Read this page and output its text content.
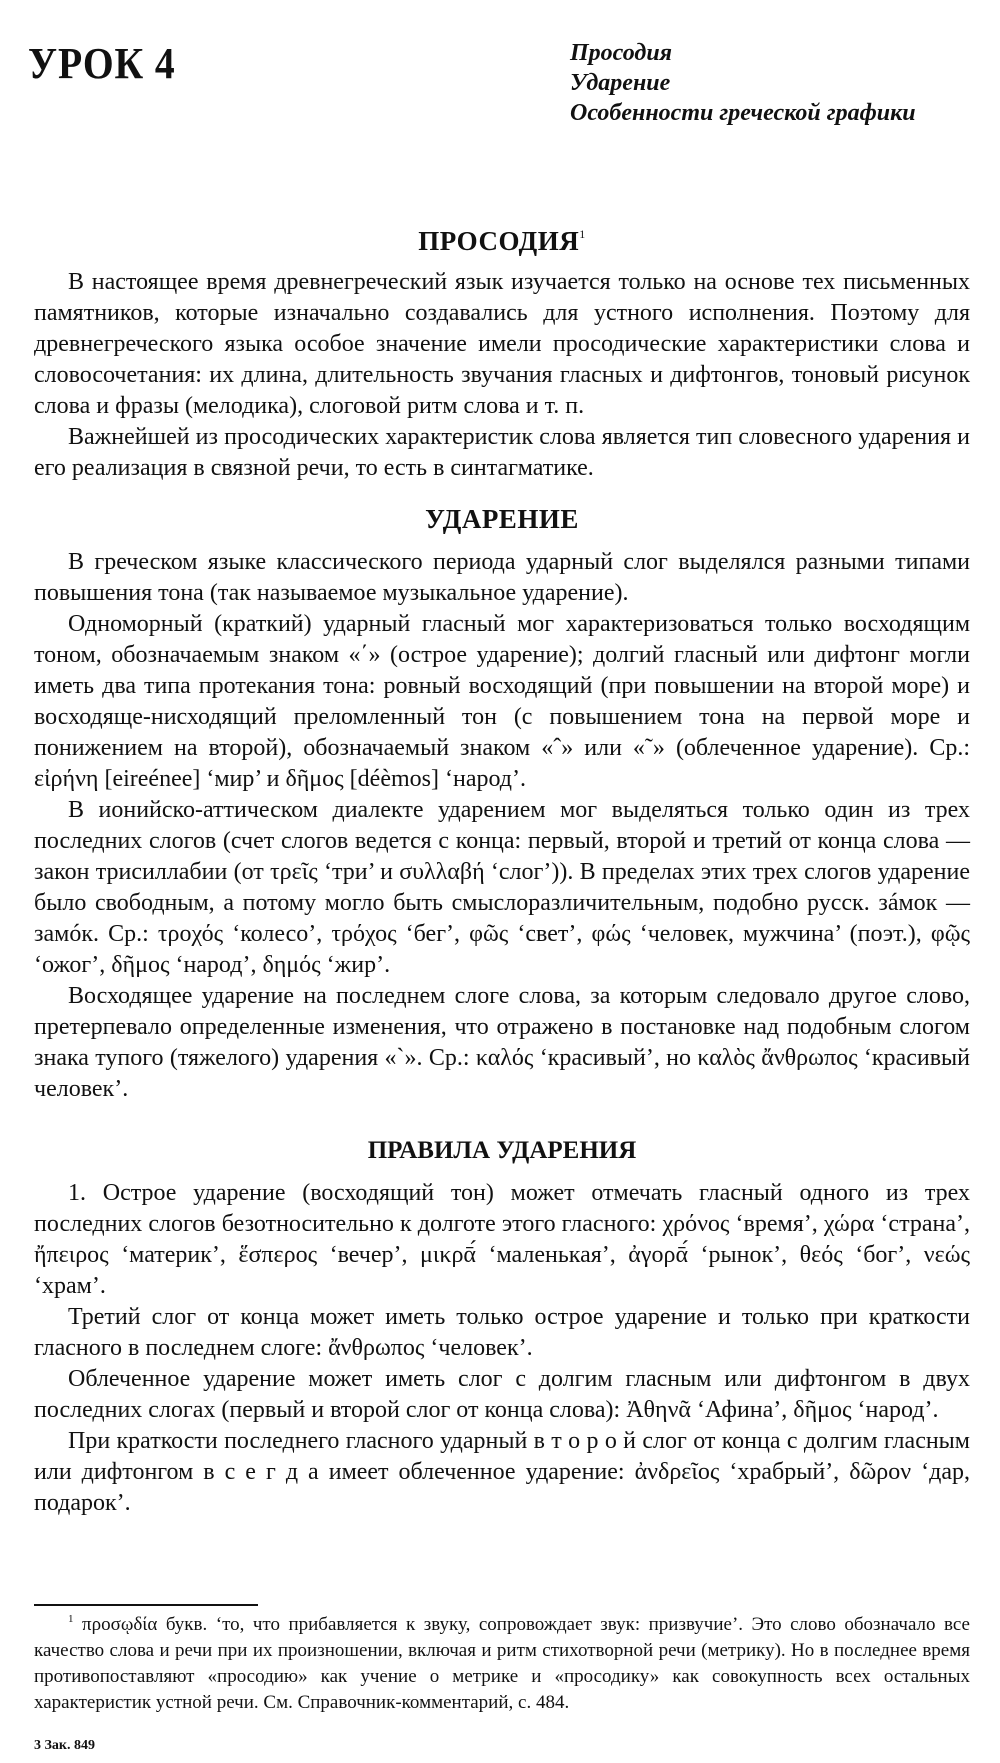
УРОК 4	Просодия
Ударение
Особенности греческой графики
ПРОСОДИЯ$^1$

В настоящее время древнегреческий язык изучается только на основе тех письменных памятников, которые изначально создавались для устного исполнения. Поэтому для древнегреческого языка особое значение имели просодические характеристики слова и словосочетания: их длина, длительность звучания гласных и дифтонгов, тоновый рисунок слова и фразы (мелодика), слоговой ритм слова и т. п.

Важнейшей из просодических характеристик слова является тип словесного ударения и его реализация в связной речи, то есть в синтагматике.

УДАРЕНИЕ

В греческом языке классического периода ударный слог выделялся разными типами повышения тона (так называемое музыкальное ударение).

Одноморный (краткий) ударный гласный мог характеризоваться только восходящим тоном, обозначаемым знаком «΄» (острое ударение); долгий гласный или дифтонг могли иметь два типа протекания тона: ровный восходящий (при повышении на второй море) и восходяще-нисходящий преломленный тон (с повышением тона на первой море и понижением на второй), обозначаемый знаком «ˆ» или «˜» (облеченное ударение). Ср.: εἰρήνη [eireénee] ‘мир’ и δῆμος [déèmos] ‘народ’.

В ионийско-аттическом диалекте ударением мог выделяться только один из трех последних слогов (счет слогов ведется с конца: первый, второй и третий от конца слова — закон трисиллабии (от τρεῖς ‘три’ и συλλαβή ‘слог’)). В пределах этих трех слогов ударение было свободным, а потому могло быть смыслоразличительным, подобно русск. зáмок — замóк. Ср.: τροχός ‘колесо’, τρόχος ‘бег’, φῶς ‘свет’, φώς ‘человек, мужчина’ (поэт.), φῷς ‘ожог’, δῆμος ‘народ’, δημός ‘жир’.

Восходящее ударение на последнем слоге слова, за которым следовало другое слово, претерпевало определенные изменения, что отражено в постановке над подобным слогом знака тупого (тяжелого) ударения «`». Ср.: καλός ‘красивый’, но καλὸς ἄνθρωπος ‘красивый человек’.

ПРАВИЛА УДАРЕНИЯ

1. Острое ударение (восходящий тон) может отмечать гласный одного из трех последних слогов безотносительно к долготе этого гласного: χρόνος ‘время’, χώρα ‘страна’, ἤπειρος ‘материк’, ἕσπερος ‘вечер’, μικρᾱ́ ‘маленькая’, ἀγορᾱ́ ‘рынок’, θεός ‘бог’, νεώς ‘храм’.

Третий слог от конца может иметь только острое ударение и только при краткости гласного в последнем слоге: ἄνθρωπος ‘человек’.

Облеченное ударение может иметь слог с долгим гласным или дифтонгом в двух последних слогах (первый и второй слог от конца слова): Ἀθηνᾶ ‘Афина’, δῆμος ‘народ’.

При краткости последнего гласного ударный в т о р о й слог от конца с долгим гласным или дифтонгом в с е г д а имеет облеченное ударение: ἀνδρεῖος ‘храбрый’, δῶρον ‘дар, подарок’.

$^1$ προσῳδία букв. ‘то, что прибавляется к звуку, сопровождает звук: призвучие’. Это слово обозначало все качество слова и речи при их произношении, включая и ритм стихотворной речи (метрику). Но в последнее время противопоставляют «просодию» как учение о метрике и «просодику» как совокупность всех остальных характеристик устной речи. См. Справочник-комментарий, с. 484.
3 Зак. 849
